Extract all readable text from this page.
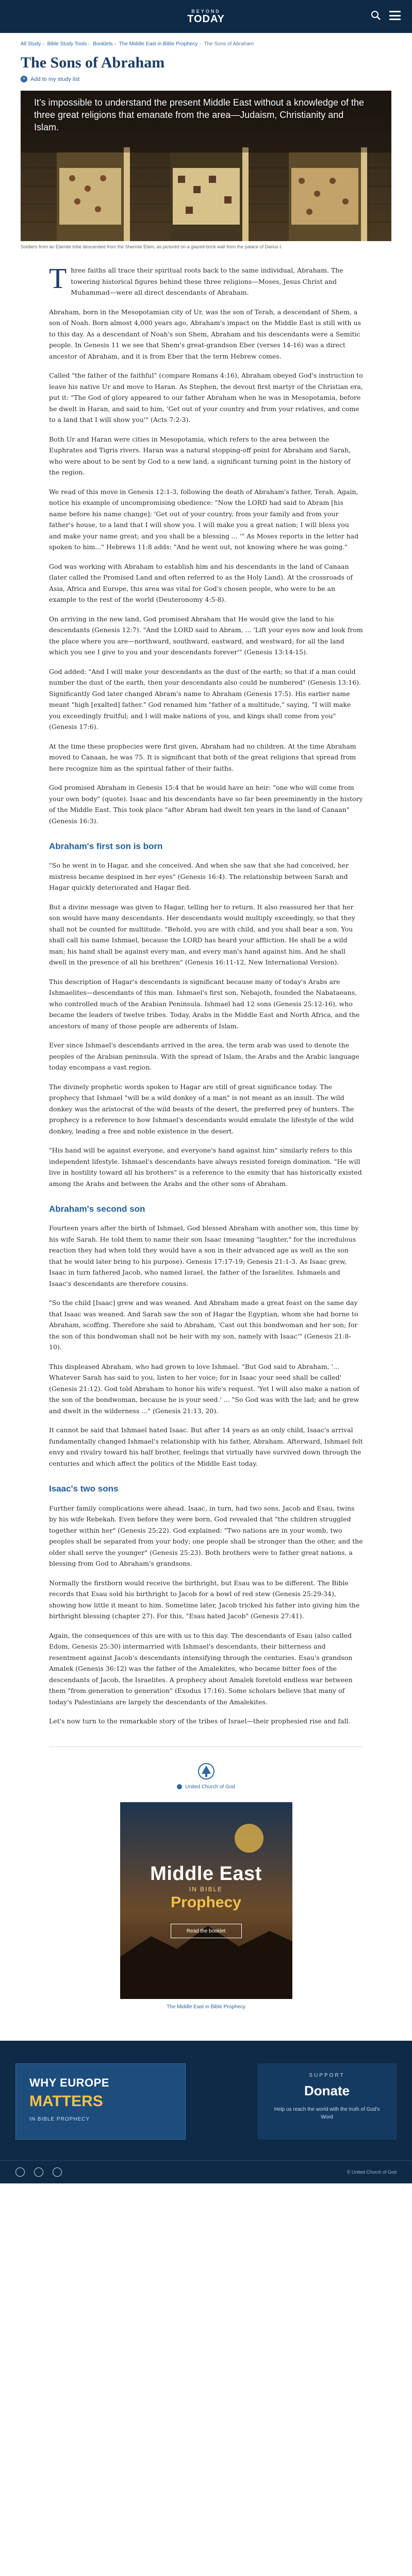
BEYOND
TODAY
All Study › Bible Study Tools › Booklets › The Middle East in Bible Prophecy › The Sons of Abraham
The Sons of Abraham
+ Add to my study list
It’s impossible to understand the present Middle East without a knowledge of the three great religions that emanate from the area—Judaism, Christianity and Islam.
Soldiers from an Elamite tribe descended from the Shemite Elam, as pictured on a glazed-brick wall from the palace of Darius I.

Three faiths all trace their spiritual roots back to the same individual, Abraham. The towering historical figures behind these three religions—Moses, Jesus Christ and Muhammad—were all direct descendants of Abraham.

Abraham, born in the Mesopotamian city of Ur, was the son of Terah, a descendant of Shem, a son of Noah. Born almost 4,000 years ago, Abraham's impact on the Middle East is still with us to this day. As a descendant of Noah's son Shem, Abraham and his descendants were a Semitic people. In Genesis 11 we see that Shem's great-grandson Eber (verses 14-16) was a direct ancestor of Abraham, and it is from Eber that the term Hebrew comes.

Called "the father of the faithful" (compare Romans 4:16), Abraham obeyed God's instruction to leave his native Ur and move to Haran. As Stephen, the devout first martyr of the Christian era, put it: "The God of glory appeared to our father Abraham when he was in Mesopotamia, before he dwelt in Haran, and said to him, 'Get out of your country and from your relatives, and come to a land that I will show you'" (Acts 7:2-3).

Both Ur and Haran were cities in Mesopotamia, which refers to the area between the Euphrates and Tigris rivers. Haran was a natural stopping-off point for Abraham and Sarah, who were about to be sent by God to a new land, a significant turning point in the history of the region.

We read of this move in Genesis 12:1-3, following the death of Abraham's father, Terah. Again, notice his example of uncompromising obedience: "Now the LORD had said to Abram [his name before his name change]: 'Get out of your country, from your family and from your father's house, to a land that I will show you. I will make you a great nation; I will bless you and make your name great; and you shall be a blessing ... '" As Moses reports in the letter had spoken to him..." Hebrews 11:8 adds: "And he went out, not knowing where he was going."

God was working with Abraham to establish him and his descendants in the land of Canaan (later called the Promised Land and often referred to as the Holy Land). At the crossroads of Asia, Africa and Europe, this area was vital for God's chosen people, who were to be an example to the rest of the world (Deuteronomy 4:5-8).

On arriving in the new land, God promised Abraham that He would give the land to his descendants (Genesis 12:7). "And the LORD said to Abram, ... 'Lift your eyes now and look from the place where you are—northward, southward, eastward, and westward; for all the land which you see I give to you and your descendants forever'" (Genesis 13:14-15).

God added: "And I will make your descendants as the dust of the earth; so that if a man could number the dust of the earth, then your descendants also could be numbered" (Genesis 13:16). Significantly God later changed Abram's name to Abraham (Genesis 17:5). His earlier name meant "high [exalted] father." God renamed him "father of a multitude," saying, "I will make you exceedingly fruitful; and I will make nations of you, and kings shall come from you" (Genesis 17:6).

At the time these prophecies were first given, Abraham had no children. At the time Abraham moved to Canaan, he was 75. It is significant that both of the great religions that spread from here recognize him as the spiritual father of their faiths.

God promised Abraham in Genesis 15:4 that he would have an heir: "one who will come from your own body" (quote). Isaac and his descendants have so far been preeminently in the history of the Middle East. This took place "after Abram had dwelt ten years in the land of Canaan" (Genesis 16:3).

Abraham's first son is born

"So he went in to Hagar, and she conceived. And when she saw that she had conceived, her mistress became despised in her eyes" (Genesis 16:4). The relationship between Sarah and Hagar quickly deteriorated and Hagar fled.

But a divine message was given to Hagar, telling her to return. It also reassured her that her son would have many descendants. Her descendants would multiply exceedingly, so that they shall not be counted for multitude. "Behold, you are with child, and you shall bear a son. You shall call his name Ishmael, because the LORD has heard your affliction. He shall be a wild man; his hand shall be against every man, and every man's hand against him. And he shall dwell in the presence of all his brethren" (Genesis 16:11-12, New International Version).

This description of Hagar's descendants is significant because many of today's Arabs are Ishmaelites—descendants of this man. Ishmael's first son, Nebajoth, founded the Nabataeans, who controlled much of the Arabian Peninsula. Ishmael had 12 sons (Genesis 25:12-16), who became the leaders of twelve tribes. Today, Arabs in the Middle East and North Africa, and the ancestors of many of those people are adherents of Islam.

Ever since Ishmael's descendants arrived in the area, the term arab was used to denote the peoples of the Arabian peninsula. With the spread of Islam, the Arabs and the Arabic language today encompass a vast region.

The divinely prophetic words spoken to Hagar are still of great significance today. The prophecy that Ishmael "will be a wild donkey of a man" is not meant as an insult. The wild donkey was the aristocrat of the wild beasts of the desert, the preferred prey of hunters. The prophecy is a reference to how Ishmael's descendants would emulate the lifestyle of the wild donkey, leading a free and noble existence in the desert.

"His hand will be against everyone, and everyone's hand against him" similarly refers to this independent lifestyle. Ishmael's descendants have always resisted foreign domination. "He will live in hostility toward all his brothers" is a reference to the enmity that has historically existed among the Arabs and between the Arabs and the other sons of Abraham.

Abraham's second son

Fourteen years after the birth of Ishmael, God blessed Abraham with another son, this time by his wife Sarah. He told them to name their son Isaac (meaning "laughter," for the incredulous reaction they had when told they would have a son in their advanced age as well as the son that he would later bring to his purpose). Genesis 17:17-19; Genesis 21:1-3. As Isaac grew, Isaac in turn fathered Jacob, who named Israel, the father of the Israelites. Ishmaels and Isaac's descendants are therefore cousins.

"So the child [Isaac] grew and was weaned. And Abraham made a great feast on the same day that Isaac was weaned. And Sarah saw the son of Hagar the Egyptian, whom she had borne to Abraham, scoffing. Therefore she said to Abraham, 'Cast out this bondwoman and her son; for the son of this bondwoman shall not be heir with my son, namely with Isaac'" (Genesis 21:8-10).

This displeased Abraham, who had grown to love Ishmael. "But God said to Abraham, '... Whatever Sarah has said to you, listen to her voice; for in Isaac your seed shall be called' (Genesis 21:12). God told Abraham to honor his wife's request. 'Yet I will also make a nation of the son of the bondwoman, because he is your seed.' ... "So God was with the lad; and he grew and dwelt in the wilderness ..." (Genesis 21:13, 20).

It cannot be said that Ishmael hated Isaac. But after 14 years as an only child, Isaac's arrival fundamentally changed Ishmael's relationship with his father, Abraham. Afterward, Ishmael felt envy and rivalry toward his half brother, feelings that virtually have survived down through the centuries and which affect the politics of the Middle East today.

Isaac's two sons

Further family complications were ahead. Isaac, in turn, had two sons, Jacob and Esau, twins by his wife Rebekah. Even before they were born, God revealed that "the children struggled together within her" (Genesis 25:22). God explained: "Two nations are in your womb, two peoples shall be separated from your body; one people shall be stronger than the other, and the older shall serve the younger" (Genesis 25:23). Both brothers were to father great nations, a blessing from God to Abraham's grandsons.

Normally the firstborn would receive the birthright, but Esau was to be different. The Bible records that Esau sold his birthright to Jacob for a bowl of red stew (Genesis 25:29-34), showing how little it meant to him. Sometime later, Jacob tricked his father into giving him the birthright blessing (chapter 27). For this, "Esau hated Jacob" (Genesis 27:41).

Again, the consequences of this are with us to this day. The descendants of Esau (also called Edom, Genesis 25:30) intermarried with Ishmael's descendants, their bitterness and resentment against Jacob's descendants intensifying through the centuries. Esau's grandson Amalek (Genesis 36:12) was the father of the Amalekites, who became bitter foes of the descendants of Jacob, the Israelites. A prophecy about Amalek foretold endless war between them "from generation to generation" (Exodus 17:16). Some scholars believe that many of today's Palestinians are largely the descendants of the Amalekites.

Let's now turn to the remarkable story of the tribes of Israel—their prophesied rise and fall.

United Church of God
Middle East
IN BIBLE
Prophecy
Read the booklet
The Middle East in Bible Prophecy
WHY EUROPE
MATTERS
IN BIBLE PROPHECY
SUPPORT
Donate
Help us reach the world with the truth of God's Word
© United Church of God
